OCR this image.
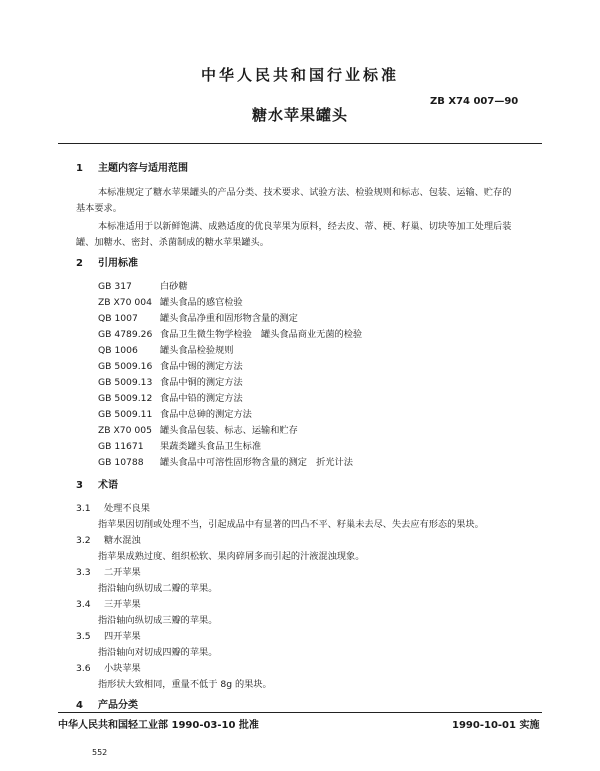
中华人民共和国行业标准
ZB X74 007—90
糖水苹果罐头
1 主题内容与适用范围
本标准规定了糖水苹果罐头的产品分类、技术要求、试验方法、检验规则和标志、包装、运输、贮存的
基本要求。
本标准适用于以新鲜饱满、成熟适度的优良苹果为原料，经去皮、蒂、梗、籽巢、切块等加工处理后装
罐、加糖水、密封、杀菌制成的糖水苹果罐头。
2 引用标准
GB 317	白砂糖
ZB X70 004 罐头食品的感官检验
QB 1007 罐头食品净重和固形物含量的测定
GB 4789.26 食品卫生微生物学检验　罐头食品商业无菌的检验
QB 1006 罐头食品检验规则
GB 5009.16 食品中锡的测定方法
GB 5009.13 食品中铜的测定方法
GB 5009.12 食品中铅的测定方法
GB 5009.11 食品中总砷的测定方法
ZB X70 005 罐头食品包装、标志、运输和贮存
GB 11671 果蔬类罐头食品卫生标准
GB 10788 罐头食品中可溶性固形物含量的测定　折光计法
3 术语
3.1 处理不良果
指苹果因切削或处理不当，引起成品中有显著的凹凸不平、籽巢未去尽、失去应有形态的果块。
3.2 糖水混浊
指苹果成熟过度、组织松软、果肉碎屑多而引起的汁液混浊现象。
3.3 二开苹果
指沿轴向纵切成二瓣的苹果。
3.4 三开苹果
指沿轴向纵切成三瓣的苹果。
3.5 四开苹果
指沿轴向对切成四瓣的苹果。
3.6 小块苹果
指形状大致相同，重量不低于 8g 的果块。
4 产品分类
中华人民共和国轻工业部 1990-03-10 批准	1990-10-01 实施
552
